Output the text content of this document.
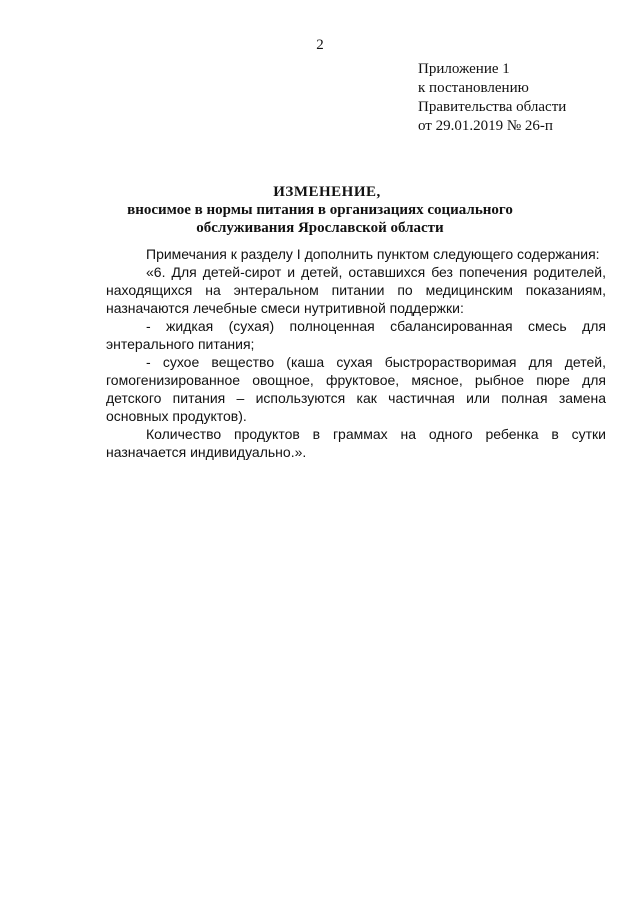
2
Приложение 1
к постановлению
Правительства области
от 29.01.2019 № 26-п
ИЗМЕНЕНИЕ,
вносимое в нормы питания в организациях социального
обслуживания Ярославской области

Примечания к разделу I дополнить пунктом следующего содержания:

«6. Для детей-сирот и детей, оставшихся без попечения родителей, находящихся на энтеральном питании по медицинским показаниям, назначаются лечебные смеси нутритивной поддержки:

- жидкая (сухая) полноценная сбалансированная смесь для энтерального питания;

- сухое вещество (каша сухая быстрорастворимая для детей, гомогенизированное овощное, фруктовое, мясное, рыбное пюре для детского питания – используются как частичная или полная замена основных продуктов).

Количество продуктов в граммах на одного ребенка в сутки назначается индивидуально.».
